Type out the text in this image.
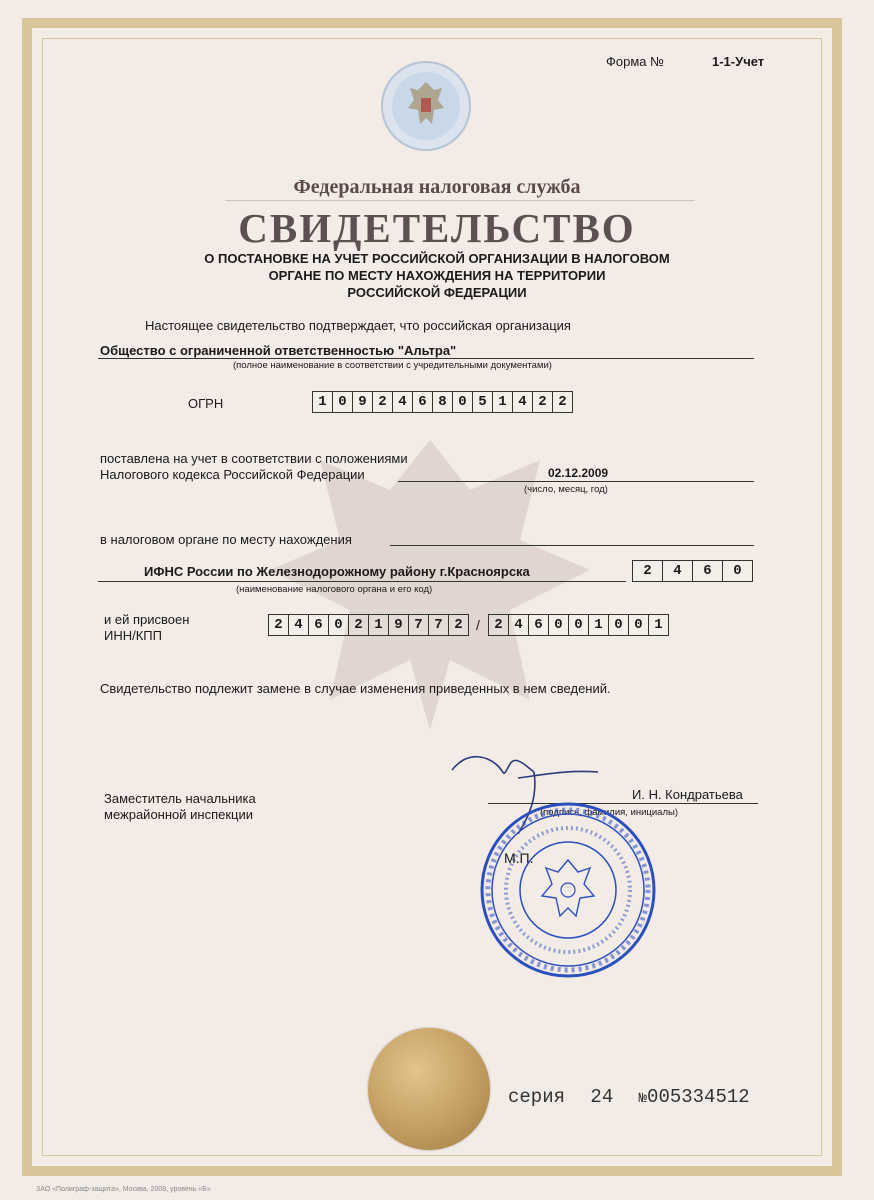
Форма №	1-1-Учет
Федеральная налоговая служба
СВИДЕТЕЛЬСТВО
О ПОСТАНОВКЕ НА УЧЕТ РОССИЙСКОЙ ОРГАНИЗАЦИИ В НАЛОГОВОМ
ОРГАНЕ ПО МЕСТУ НАХОЖДЕНИЯ НА ТЕРРИТОРИИ
РОССИЙСКОЙ ФЕДЕРАЦИИ
Настоящее свидетельство подтверждает, что российская организация
Общество с ограниченной ответственностью "Альтра"
(полное наименование в соответствии с учредительными документами)
ОГРН	1 0 9 2 4 6 8 0 5 1 4 2 2
поставлена на учет в соответствии с положениями
Налогового кодекса Российской Федерации	02.12.2009
(число, месяц, год)
в налоговом органе по месту нахождения
ИФНС России по Железнодорожному району г.Красноярска
(наименование налогового органа и его код)
2	4	6	0
и ей присвоен
ИНН/КПП
2 4 6 0 2 1 9 7 7 2 /	2 4 6 0 0 1 0 0 1
Свидетельство подлежит замене в случае изменения приведенных в нем сведений.
Заместитель начальника
межрайонной инспекции
И. Н. Кондратьева
(подпись, фамилия, инициалы)
М.П.
серия 24 №005334512
ЗАО «Полиграф-защита», Москва, 2008, уровень «Б»
